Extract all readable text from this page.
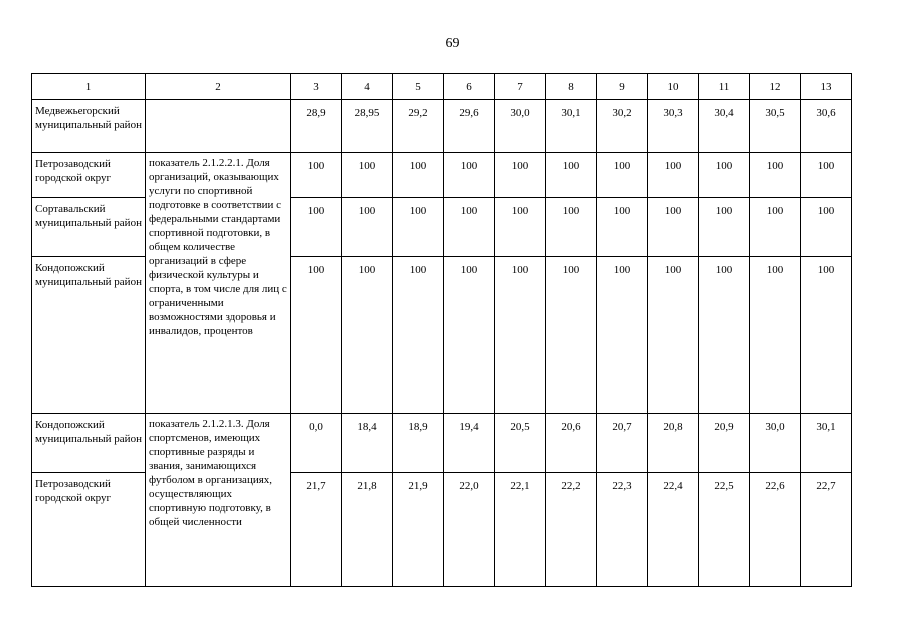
69
1	2	3	4	5	6	7	8	9	10	11	12	13
Медвежьегорский муниципальный район		28,9	28,95	29,2	29,6	30,0	30,1	30,2	30,3	30,4	30,5	30,6
Петрозаводский городской округ	показатель 2.1.2.2.1. Доля организаций, оказывающих услуги по спортивной подготовке в соответствии с федеральными стандартами спортивной подготовки, в общем количестве организаций в сфере физической культуры и спорта, в том числе для лиц с ограниченными возможностями здоровья и инвалидов, процентов	100	100	100	100	100	100	100	100	100	100	100
Сортавальский муниципальный район		100	100	100	100	100	100	100	100	100	100	100
Кондопожский муниципальный район		100	100	100	100	100	100	100	100	100	100	100
Кондопожский муниципальный район	показатель 2.1.2.1.3. Доля спортсменов, имеющих спортивные разряды и звания, занимающихся футболом в организациях, осуществляющих спортивную подготовку, в общей численности	0,0	18,4	18,9	19,4	20,5	20,6	20,7	20,8	20,9	30,0	30,1
Петрозаводский городской округ		21,7	21,8	21,9	22,0	22,1	22,2	22,3	22,4	22,5	22,6	22,7
